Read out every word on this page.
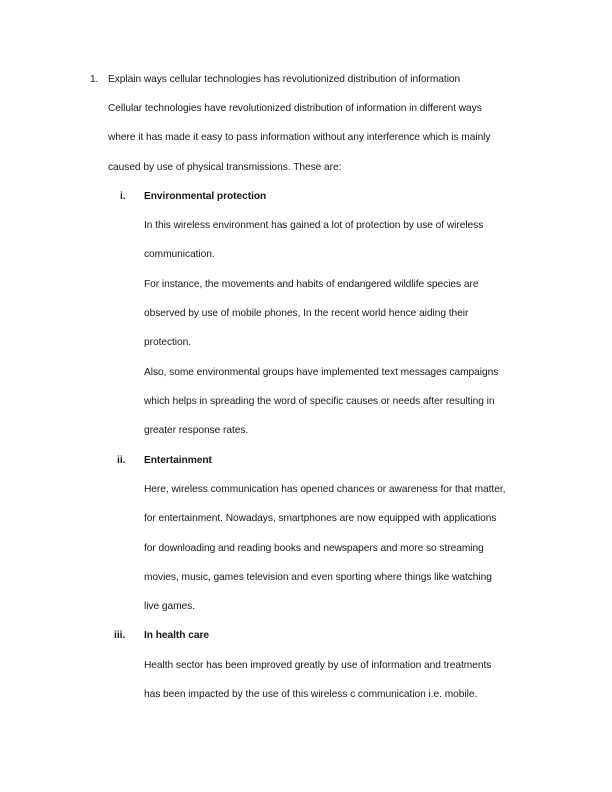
1. Explain ways cellular technologies has revolutionized distribution of information
Cellular technologies have revolutionized distribution of information in different ways
where it has made it easy to pass information without any interference which is mainly
caused by use of physical transmissions. These are:
i. Environmental protection
In this wireless environment has gained a lot of protection by use of wireless
communication.
For instance, the movements and habits of endangered wildlife species are
observed by use of mobile phones, In the recent world hence aiding their
protection.
Also, some environmental groups have implemented text messages campaigns
which helps in spreading the word of specific causes or needs after resulting in
greater response rates.
ii. Entertainment
Here, wireless communication has opened chances or awareness for that matter,
for entertainment. Nowadays, smartphones are now equipped with applications
for downloading and reading books and newspapers and more so streaming
movies, music, games television and even sporting where things like watching
live games.
iii. In health care
Health sector has been improved greatly by use of information and treatments
has been impacted by the use of this wireless c communication i.e. mobile.
